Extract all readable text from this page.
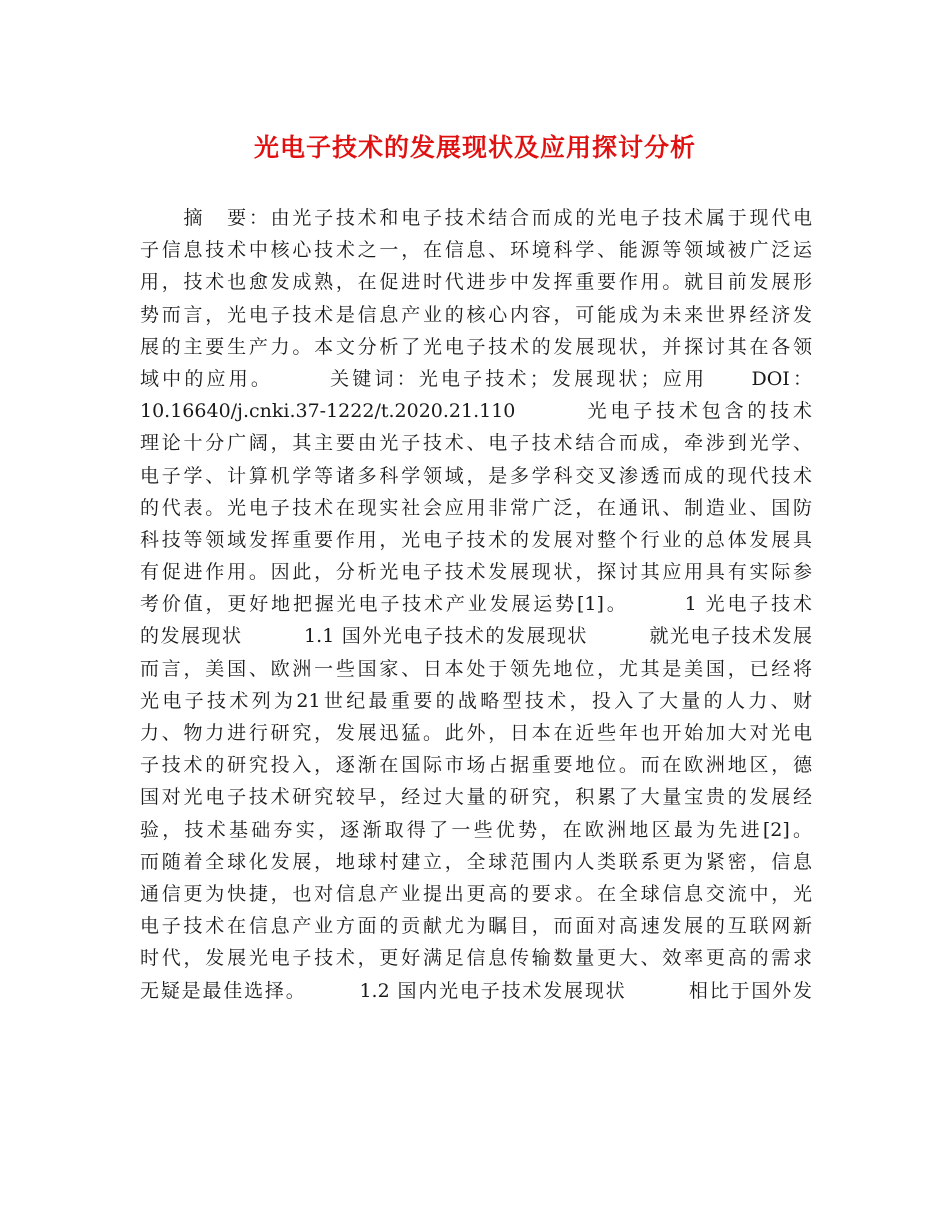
光电子技术的发展现状及应用探讨分析
　　摘　要：由光子技术和电子技术结合而成的光电子技术属于现代电
子信息技术中核心技术之一，在信息、环境科学、能源等领域被广泛运
用，技术也愈发成熟，在促进时代进步中发挥重要作用。就目前发展形
势而言，光电子技术是信息产业的核心内容，可能成为未来世界经济发
展的主要生产力。本文分析了光电子技术的发展现状，并探讨其在各领
域中的应用。　　　关键词：光电子技术；发展现状；应用　　DOI：
10.16640/j.cnki.37-1222/t.2020.21.110　　　光电子技术包含的技术
理论十分广阔，其主要由光子技术、电子技术结合而成，牵涉到光学、
电子学、计算机学等诸多科学领域，是多学科交叉渗透而成的现代技术
的代表。光电子技术在现实社会应用非常广泛，在通讯、制造业、国防
科技等领域发挥重要作用，光电子技术的发展对整个行业的总体发展具
有促进作用。因此，分析光电子技术发展现状，探讨其应用具有实际参
考价值，更好地把握光电子技术产业发展运势[1]。　　　1 光电子技术
的发展现状　　　1.1 国外光电子技术的发展现状　　　就光电子技术发展
而言，美国、欧洲一些国家、日本处于领先地位，尤其是美国，已经将
光电子技术列为21世纪最重要的战略型技术，投入了大量的人力、财
力、物力进行研究，发展迅猛。此外，日本在近些年也开始加大对光电
子技术的研究投入，逐渐在国际市场占据重要地位。而在欧洲地区，德
国对光电子技术研究较早，经过大量的研究，积累了大量宝贵的发展经
验，技术基础夯实，逐渐取得了一些优势，在欧洲地区最为先进[2]。
而随着全球化发展，地球村建立，全球范围内人类联系更为紧密，信息
通信更为快捷，也对信息产业提出更高的要求。在全球信息交流中，光
电子技术在信息产业方面的贡献尤为瞩目，而面对高速发展的互联网新
时代，发展光电子技术，更好满足信息传输数量更大、效率更高的需求
无疑是最佳选择。　　　1.2 国内光电子技术发展现状　　　相比于国外发
